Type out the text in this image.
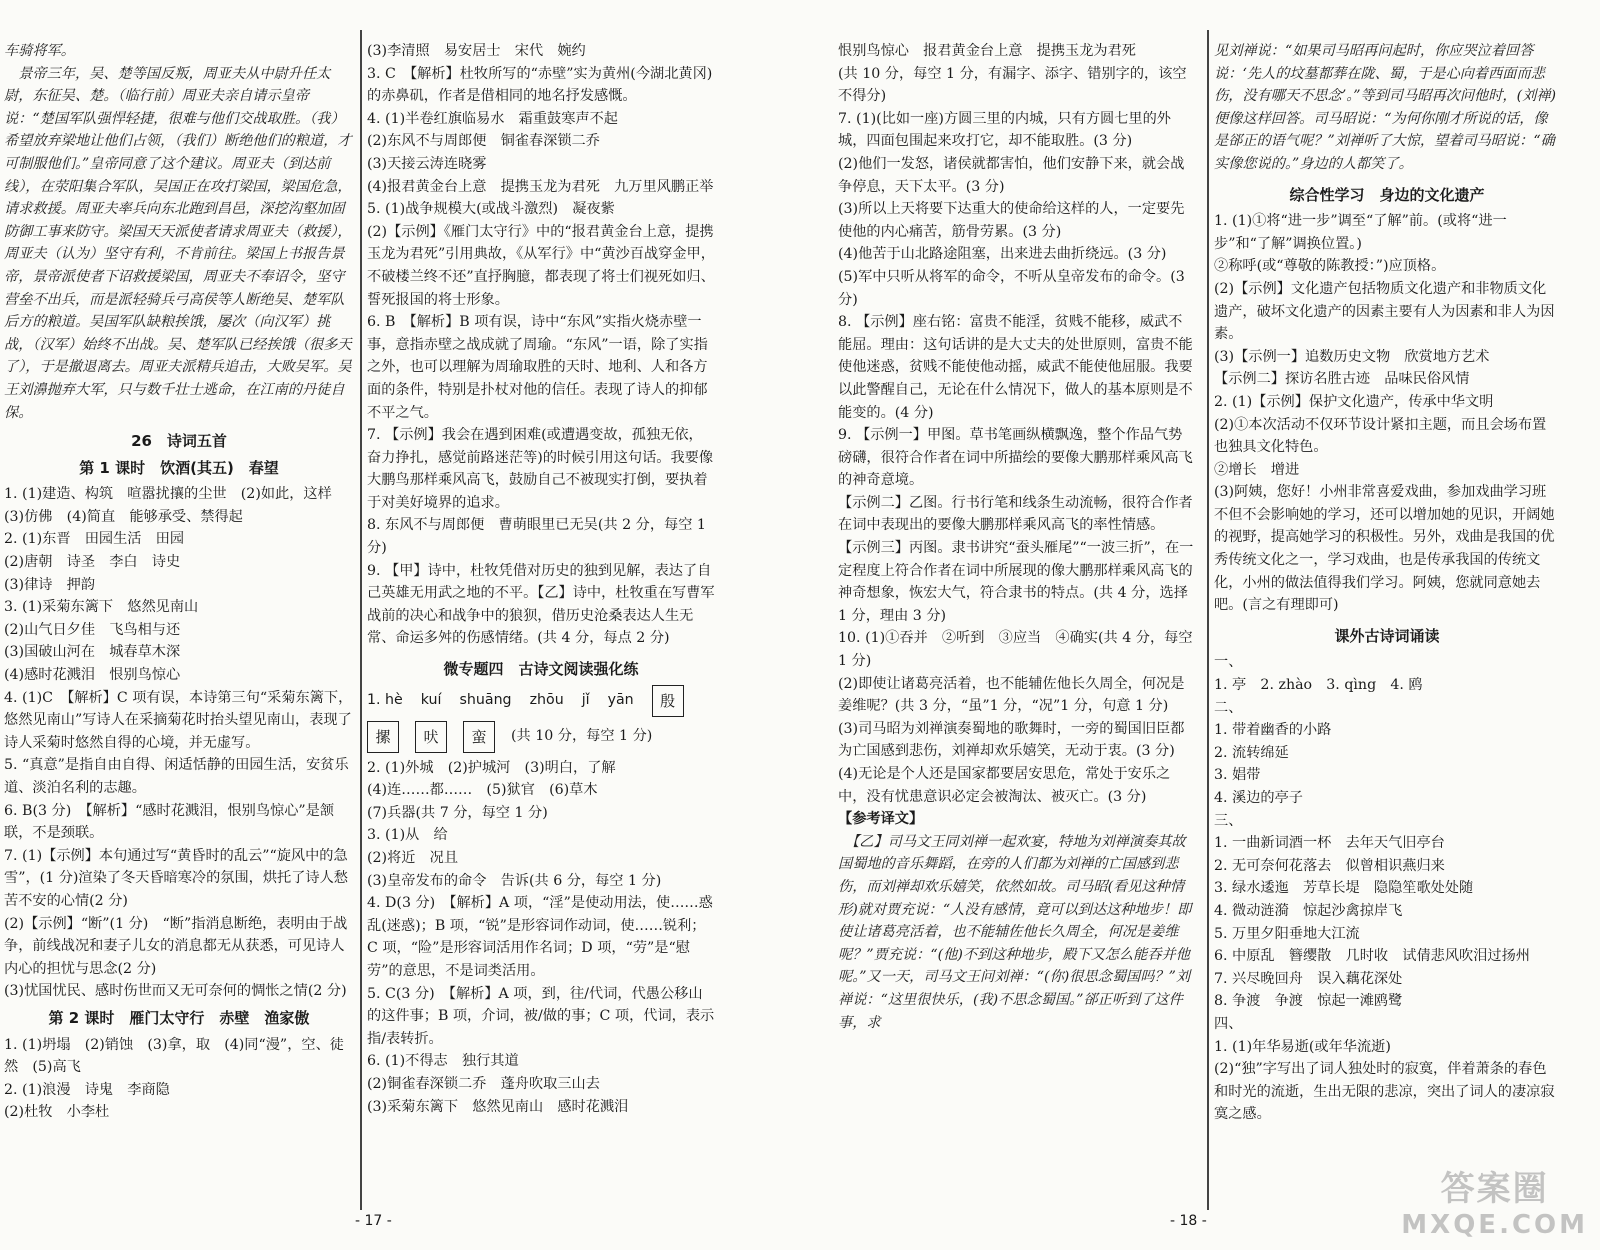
车骑将军。

　景帝三年，吴、楚等国反叛，周亚夫从中尉升任太尉，东征吴、楚。（临行前）周亚夫亲自请示皇帝说：“楚国军队强悍轻捷，很难与他们交战取胜。（我）希望放弃梁地让他们占领，（我们）断绝他们的粮道，才可制服他们。”皇帝同意了这个建议。周亚夫（到达前线），在荥阳集合军队，吴国正在攻打梁国，梁国危急，请求救援。周亚夫率兵向东北跑到昌邑，深挖沟壑加固防御工事来防守。梁国天天派使者请求周亚夫（救援），周亚夫（认为）坚守有利，不肯前往。梁国上书报告景帝，景帝派使者下诏救援梁国，周亚夫不奉诏令，坚守营垒不出兵，而是派轻骑兵弓高侯等人断绝吴、楚军队后方的粮道。吴国军队缺粮挨饿，屡次（向汉军）挑战，（汉军）始终不出战。吴、楚军队已经挨饿（很多天了），于是撤退离去。周亚夫派精兵追击，大败吴军。吴王刘濞抛弃大军，只与数千壮士逃命，在江南的丹徒自保。

26　诗词五首
第 1 课时　饮酒(其五)　春望

1. (1)建造、构筑　喧嚣扰攘的尘世　(2)如此，这样　(3)仿佛　(4)简直　能够承受、禁得起

2. (1)东晋　田园生活　田园

(2)唐朝　诗圣　李白　诗史

(3)律诗　押韵

3. (1)采菊东篱下　悠然见南山

(2)山气日夕佳　飞鸟相与还

(3)国破山河在　城春草木深

(4)感时花溅泪　恨别鸟惊心

4. (1)C　【解析】C 项有误，本诗第三句“采菊东篱下，悠然见南山”写诗人在采摘菊花时抬头望见南山，表现了诗人采菊时悠然自得的心境，并无虚写。

5. “真意”是指自由自得、闲适恬静的田园生活，安贫乐道、淡泊名利的志趣。

6. B(3 分)　【解析】“感时花溅泪，恨别鸟惊心”是颔联，不是颈联。

7. (1)【示例】本句通过写“黄昏时的乱云”“旋风中的急雪”，(1 分)渲染了冬天昏暗寒冷的氛围，烘托了诗人愁苦不安的心情(2 分)

(2)【示例】“断”(1 分)　“断”指消息断绝，表明由于战争，前线战况和妻子儿女的消息都无从获悉，可见诗人内心的担忧与思念(2 分)

(3)忧国忧民、感时伤世而又无可奈何的惆怅之情(2 分)

第 2 课时　雁门太守行　赤壁　渔家傲

1. (1)坍塌　(2)销蚀　(3)拿，取　(4)同“漫”，空、徒然　(5)高飞

2. (1)浪漫　诗鬼　李商隐

(2)杜牧　小李杜

(3)李清照　易安居士　宋代　婉约

3. C　【解析】杜牧所写的“赤壁”实为黄州(今湖北黄冈)的赤鼻矶，作者是借相同的地名抒发感慨。

4. (1)半卷红旗临易水　霜重鼓寒声不起

(2)东风不与周郎便　铜雀春深锁二乔

(3)天接云涛连晓雾

(4)报君黄金台上意　提携玉龙为君死　九万里风鹏正举

5. (1)战争规模大(或战斗激烈)　凝夜紫

(2)【示例】《雁门太守行》中的“报君黄金台上意，提携玉龙为君死”引用典故，《从军行》中“黄沙百战穿金甲，不破楼兰终不还”直抒胸臆，都表现了将士们视死如归、誓死报国的将士形象。

6. B　【解析】B 项有误，诗中“东风”实指火烧赤壁一事，意指赤壁之战成就了周瑜。“东风”一语，除了实指之外，也可以理解为周瑜取胜的天时、地利、人和各方面的条件，特别是扑杖对他的信任。表现了诗人的抑郁不平之气。

7. 【示例】我会在遇到困难(或遭遇变故，孤独无依，奋力挣扎，感觉前路迷茫等)的时候引用这句话。我要像大鹏鸟那样乘风高飞，鼓励自己不被现实打倒，要执着于对美好境界的追求。

8. 东风不与周郎便　曹萌眼里已无吴(共 2 分，每空 1 分)

9. 【甲】诗中，杜牧凭借对历史的独到见解，表达了自己英雄无用武之地的不平。【乙】诗中，杜牧重在写曹军战前的决心和战争中的狼狈，借历史沧桑表达人生无常、命运多舛的伤感情绪。(共 4 分，每点 2 分)

微专题四　古诗文阅读强化练
1. hè kuí shuāng zhōu jǐ yān	殷
摞	吠	蛮	(共 10 分，每空 1 分)

2. (1)外城　(2)护城河　(3)明白，了解

(4)连……都……　(5)狱官　(6)草木

(7)兵器(共 7 分，每空 1 分)

3. (1)从　给

(2)将近　况且

(3)皇帝发布的命令　告诉(共 6 分，每空 1 分)

4. D(3 分)　【解析】A 项，“淫”是使动用法，使……惑乱(迷惑)；B 项，“锐”是形容词作动词，使……锐利；C 项，“险”是形容词活用作名词；D 项，“劳”是“慰劳”的意思，不是词类活用。

5. C(3 分)　【解析】A 项，到，往/代词，代愚公移山的这件事；B 项，介词，被/做的事；C 项，代词，表示指/表转折。

6. (1)不得志　独行其道

(2)铜雀春深锁二乔　蓬舟吹取三山去

(3)采菊东篱下　悠然见南山　感时花溅泪

- 17 -

恨别鸟惊心　报君黄金台上意　提携玉龙为君死

(共 10 分，每空 1 分，有漏字、添字、错别字的，该空不得分)

7. (1)(比如一座)方圆三里的内城，只有方圆七里的外城，四面包围起来攻打它，却不能取胜。(3 分)

(2)他们一发怒，诸侯就都害怕，他们安静下来，就会战争停息，天下太平。(3 分)

(3)所以上天将要下达重大的使命给这样的人，一定要先使他的内心痛苦，筋骨劳累。(3 分)

(4)他苦于山北路途阻塞，出来进去曲折绕远。(3 分)

(5)军中只听从将军的命令，不听从皇帝发布的命令。(3 分)

8. 【示例】座右铭：富贵不能淫，贫贱不能移，威武不能屈。理由：这句话讲的是大丈夫的处世原则，富贵不能使他迷惑，贫贱不能使他动摇，威武不能使他屈服。我要以此警醒自己，无论在什么情况下，做人的基本原则是不能变的。(4 分)

9. 【示例一】甲图。草书笔画纵横飘逸，整个作品气势磅礴，很符合作者在词中所描绘的要像大鹏那样乘风高飞的神奇意境。

【示例二】乙图。行书行笔和线条生动流畅，很符合作者在词中表现出的要像大鹏那样乘风高飞的率性情感。

【示例三】丙图。隶书讲究“蚕头雁尾”“一波三折”，在一定程度上符合作者在词中所展现的像大鹏那样乘风高飞的神奇想象，恢宏大气，符合隶书的特点。(共 4 分，选择 1 分，理由 3 分)

10. (1)①吞并　②听到　③应当　④确实(共 4 分，每空 1 分)

(2)即使让诸葛亮活着，也不能辅佐他长久周全，何况是姜维呢？(共 3 分，“虽”1 分，“况”1 分，句意 1 分)

(3)司马昭为刘禅演奏蜀地的歌舞时，一旁的蜀国旧臣都为亡国感到悲伤，刘禅却欢乐嬉笑，无动于衷。(3 分)

(4)无论是个人还是国家都要居安思危，常处于安乐之中，没有忧患意识必定会被淘汰、被灭亡。(3 分)

【参考译文】

　【乙】司马文王同刘禅一起欢宴，特地为刘禅演奏其故国蜀地的音乐舞蹈，在旁的人们都为刘禅的亡国感到悲伤，而刘禅却欢乐嬉笑，依然如故。司马昭(看见这种情形)就对贾充说：“人没有感情，竟可以到达这种地步！即使让诸葛亮活着，也不能辅佐他长久周全，何况是姜维呢？”贾充说：“(他)不到这种地步，殿下又怎么能吞并他呢。”又一天，司马文王问刘禅：“(你)很思念蜀国吗？”刘禅说：“这里很快乐，(我)不思念蜀国。”郤正听到了这件事，求

见刘禅说：“如果司马昭再问起时，你应哭泣着回答说：‘先人的坟墓都葬在陇、蜀，于是心向着西面而悲伤，没有哪天不思念’。”等到司马昭再次问他时，(刘禅)便像这样回答。司马昭说：“为何你刚才所说的话，像是郤正的语气呢？”刘禅听了大惊，望着司马昭说：“确实像您说的。”身边的人都笑了。

综合性学习　身边的文化遗产

1. (1)①将“进一步”调至“了解”前。(或将“进一步”和“了解”调换位置。)

②称呼(或“尊敬的陈教授：”)应顶格。

(2)【示例】文化遗产包括物质文化遗产和非物质文化遗产，破坏文化遗产的因素主要有人为因素和非人为因素。

(3)【示例一】追数历史文物　欣赏地方艺术

【示例二】探访名胜古迹　品味民俗风情

2. (1)【示例】保护文化遗产，传承中华文明

(2)①本次活动不仅环节设计紧扣主题，而且会场布置也独具文化特色。

②增长　增进

(3)阿姨，您好！小州非常喜爱戏曲，参加戏曲学习班不但不会影响她的学习，还可以增加她的见识，开阔她的视野，提高她学习的积极性。另外，戏曲是我国的优秀传统文化之一，学习戏曲，也是传承我国的传统文化，小州的做法值得我们学习。阿姨，您就同意她去吧。(言之有理即可)

课外古诗词诵读

一、

1. 亭　2. zhào　3. qìng　4. 鸥

二、

1. 带着幽香的小路

2. 流转绵延

3. 娼带

4. 溪边的亭子

三、

1. 一曲新词酒一杯　去年天气旧亭台

2. 无可奈何花落去　似曾相识燕归来

3. 绿水逶迤　芳草长堤　隐隐笙歌处处随

4. 微动涟漪　惊起沙禽掠岸飞

5. 万里夕阳垂地大江流

6. 中原乱　簪缨散　几时收　试倩悲风吹泪过扬州

7. 兴尽晚回舟　误入藕花深处

8. 争渡　争渡　惊起一滩鸥鹭

四、

1. (1)年华易逝(或年华流逝)

(2)“独”字写出了词人独处时的寂寞，伴着萧条的春色和时光的流逝，生出无限的悲凉，突出了词人的凄凉寂寞之感。

- 18 -
答案圈
MXQE.COM
